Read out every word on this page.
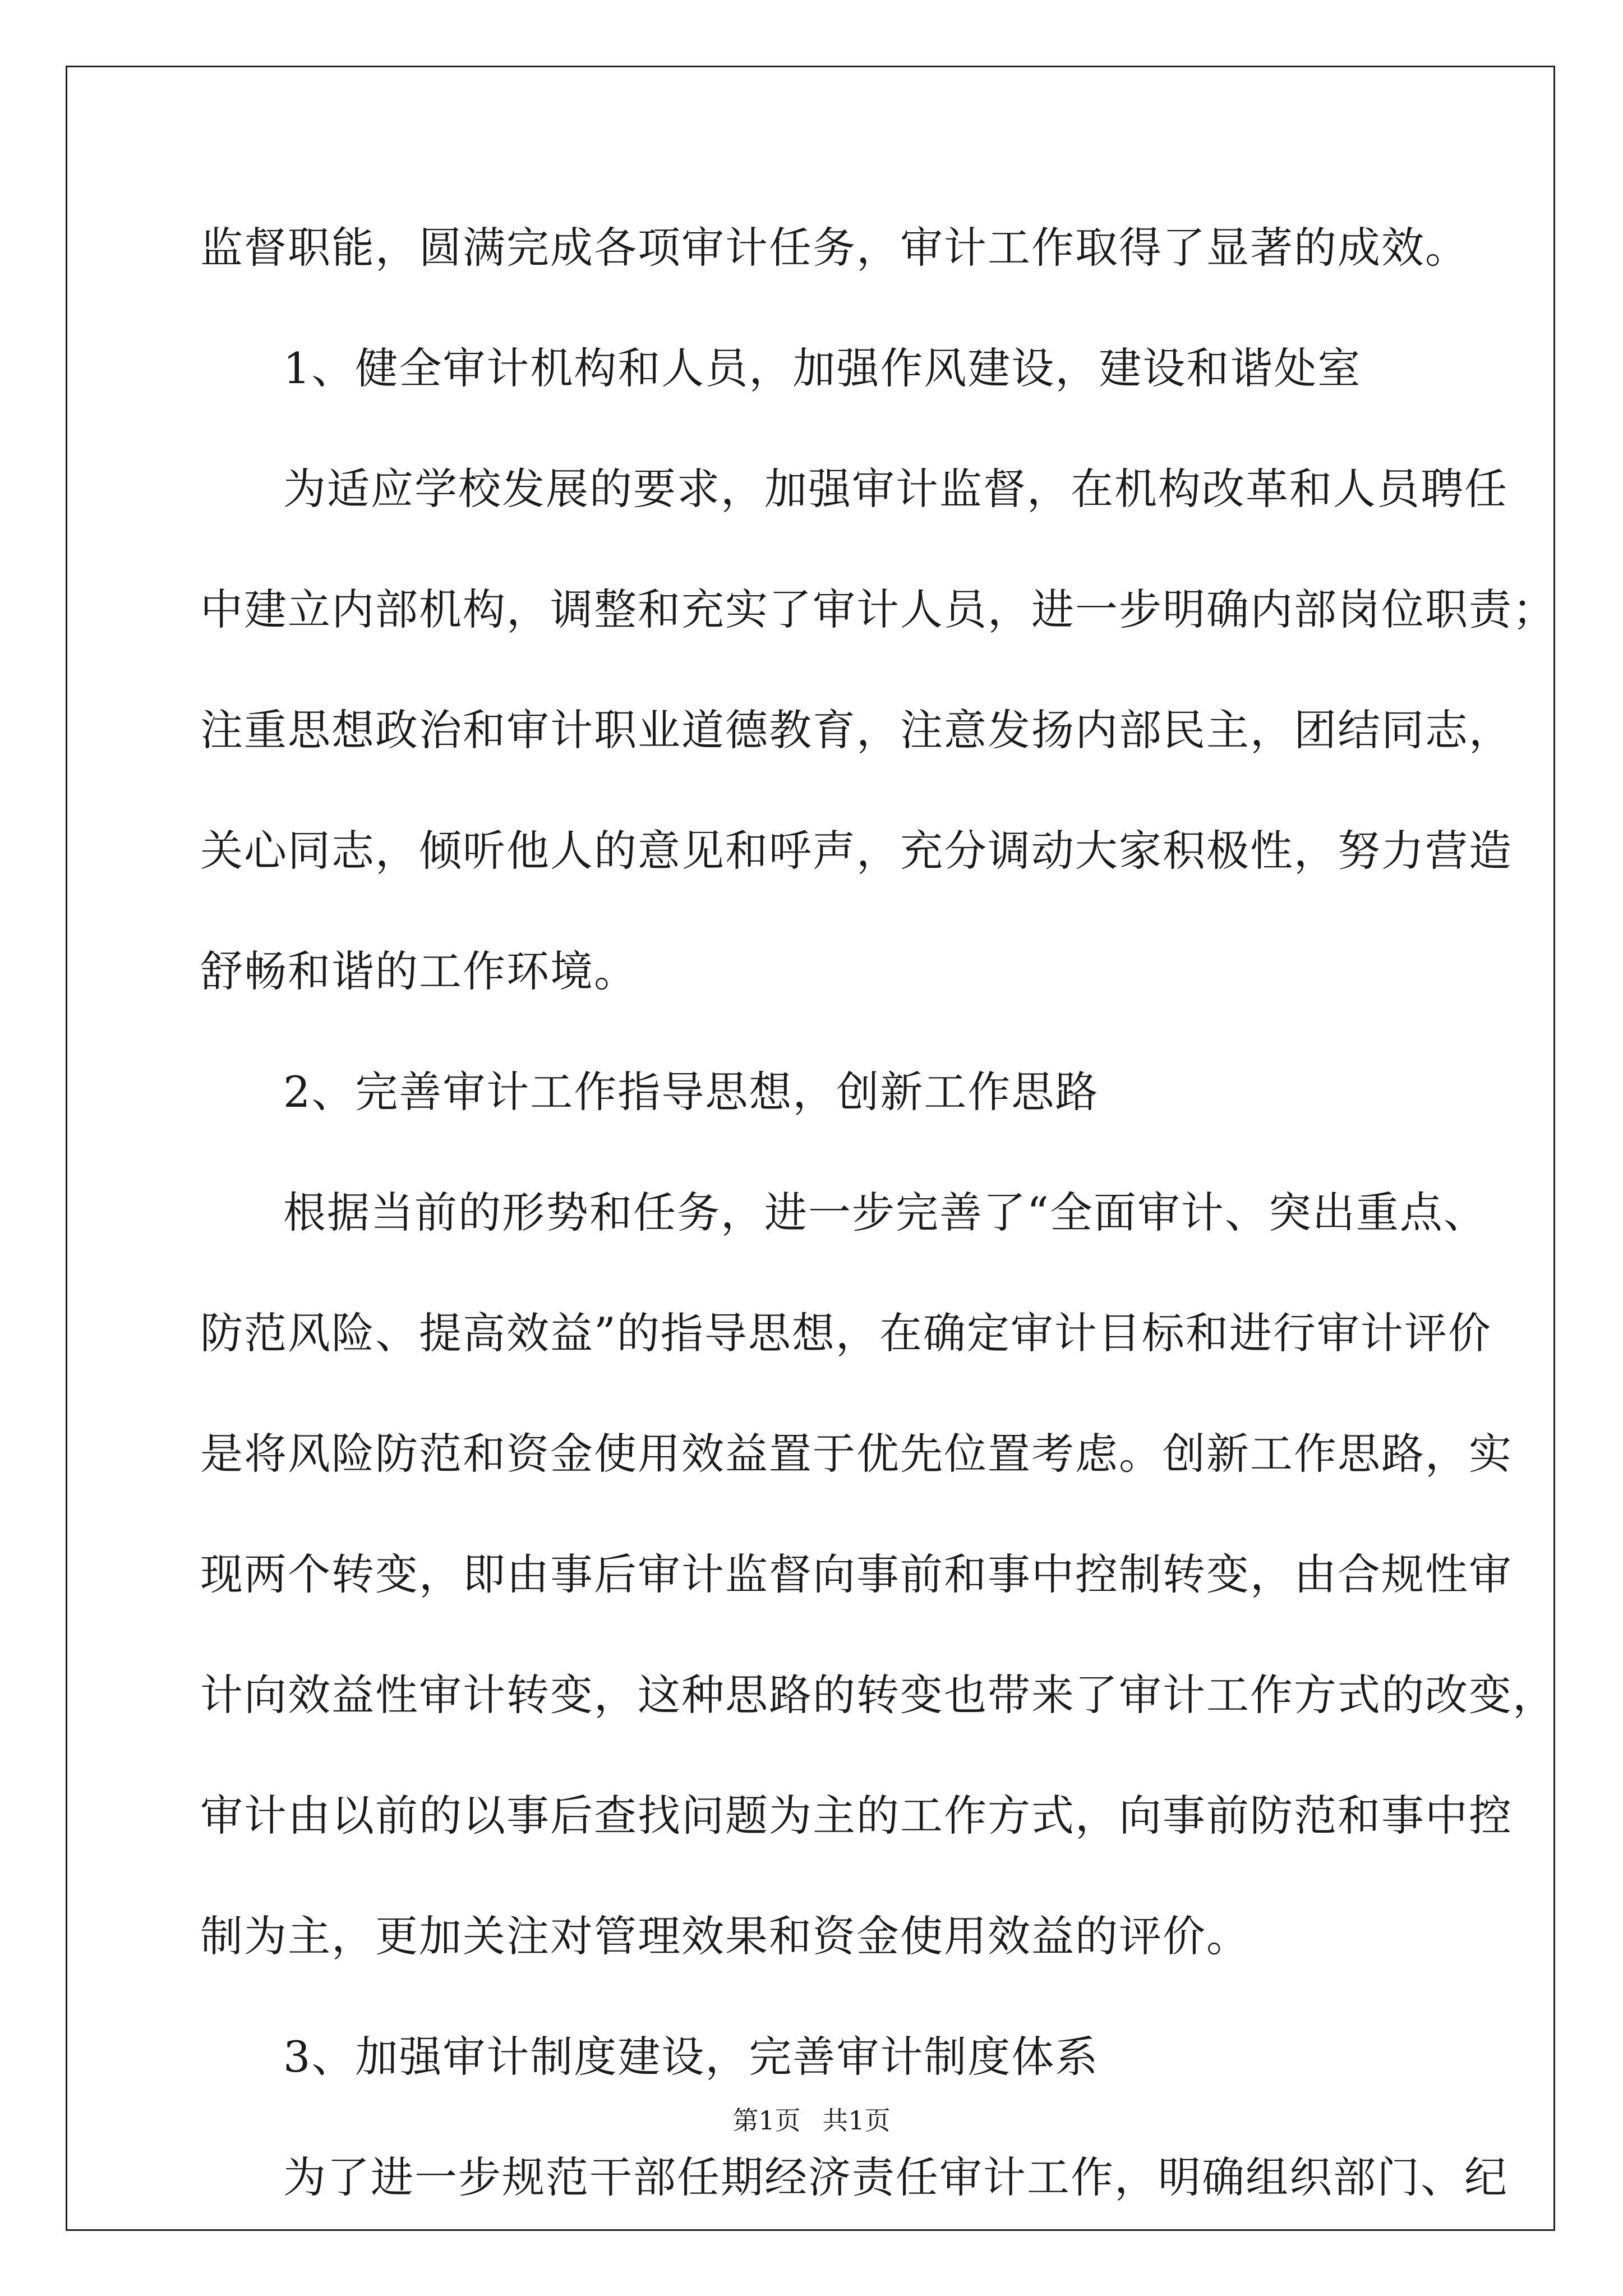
监督职能，圆满完成各项审计任务，审计工作取得了显著的成效。
1、健全审计机构和人员，加强作风建设，建设和谐处室
为适应学校发展的要求，加强审计监督，在机构改革和人员聘任
中建立内部机构，调整和充实了审计人员，进一步明确内部岗位职责；
注重思想政治和审计职业道德教育，注意发扬内部民主，团结同志，
关心同志，倾听他人的意见和呼声，充分调动大家积极性，努力营造
舒畅和谐的工作环境。
2、完善审计工作指导思想，创新工作思路
根据当前的形势和任务，进一步完善了“全面审计、突出重点、
防范风险、提高效益”的指导思想，在确定审计目标和进行审计评价
是将风险防范和资金使用效益置于优先位置考虑。创新工作思路，实
现两个转变，即由事后审计监督向事前和事中控制转变，由合规性审
计向效益性审计转变，这种思路的转变也带来了审计工作方式的改变，
审计由以前的以事后查找问题为主的工作方式，向事前防范和事中控
制为主，更加关注对管理效果和资金使用效益的评价。
3、加强审计制度建设，完善审计制度体系
为了进一步规范干部任期经济责任审计工作，明确组织部门、纪
第1页 共1页
